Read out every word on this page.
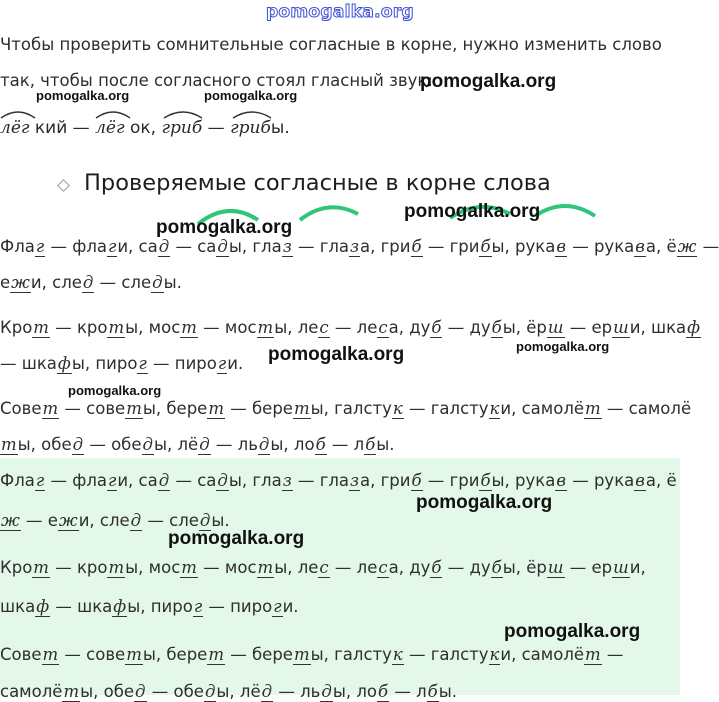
pomogalka.org
Чтобы проверить сомнительные согласные в корне, нужно изменить слово
так, чтобы после согласного стоял гласный звук:
pomogalka.org
pomogalka.org	pomogalka.org
лёг кий — лёг ок, гриб — грибы.
Проверяемые согласные в корне слова
pomogalka.org
pomogalka.org
Флаг — флаги, сад — сады, глаз — глаза, гриб — грибы, рукав — рукава, ёж —
ежи, след — следы.
Крот — кроты, мост — мосты, лес — леса, дуб — дубы, ёрш — ерши, шкаф
— шкафы, пирог — пироги. pomogalka.org	pomogalka.org
pomogalka.org
Совет — советы, берет — береты, галстук — галстуки, самолёт — самолё
ты, обед — обеды, лёд — льды, лоб — лбы.
Флаг — флаги, сад — сады, глаз — глаза, гриб — грибы, рукав — рукава, ё
pomogalka.org
ж — ежи, след — следы.
pomogalka.org
Крот — кроты, мост — мосты, лес — леса, дуб — дубы, ёрш — ерши,
шкаф — шкафы, пирог — пироги.
pomogalka.org
Совет — советы, берет — береты, галстук — галстуки, самолёт —
самолёты, обед — обеды, лёд — льды, лоб — лбы.
